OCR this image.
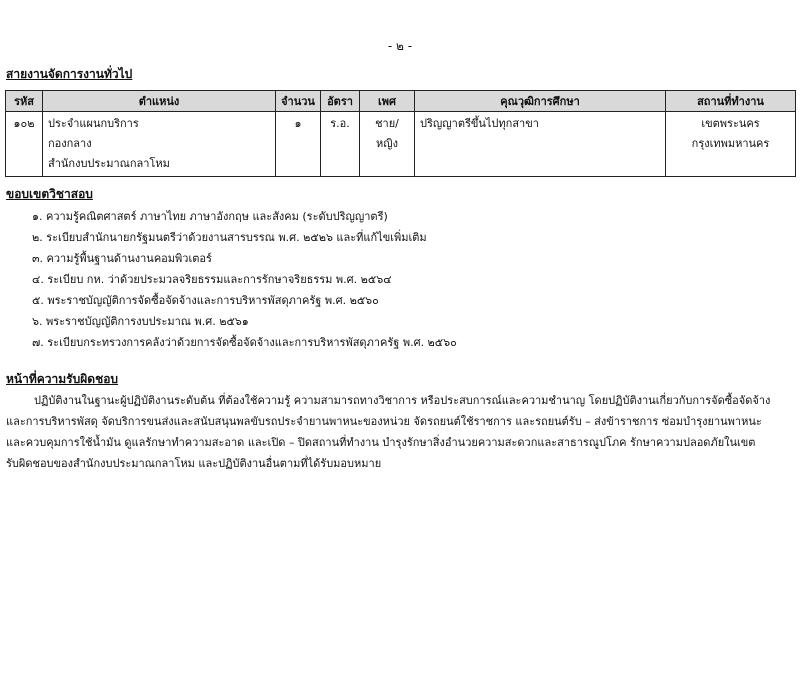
- ๒ -
สายงานจัดการงานทั่วไป
รหัส	ตำแหน่ง	จำนวน	อัตรา	เพศ	คุณวุฒิการศึกษา	สถานที่ทำงาน
๑๐๒	ประจำแผนกบริการ
กองกลาง
สำนักงบประมาณกลาโหม	๑	ร.อ.	ชาย/หญิง	ปริญญาตรีขึ้นไปทุกสาขา	เขตพระนคร
กรุงเทพมหานคร
ขอบเขตวิชาสอบ
๑. ความรู้คณิตศาสตร์ ภาษาไทย ภาษาอังกฤษ และสังคม (ระดับปริญญาตรี)
๒. ระเบียบสำนักนายกรัฐมนตรีว่าด้วยงานสารบรรณ พ.ศ. ๒๕๒๖ และที่แก้ไขเพิ่มเติม
๓. ความรู้พื้นฐานด้านงานคอมพิวเตอร์
๔. ระเบียบ กห. ว่าด้วยประมวลจริยธรรมและการรักษาจริยธรรม พ.ศ. ๒๕๖๔
๕. พระราชบัญญัติการจัดซื้อจัดจ้างและการบริหารพัสดุภาครัฐ พ.ศ. ๒๕๖๐
๖. พระราชบัญญัติการงบประมาณ พ.ศ. ๒๕๖๑
๗. ระเบียบกระทรวงการคลังว่าด้วยการจัดซื้อจัดจ้างและการบริหารพัสดุภาครัฐ พ.ศ. ๒๕๖๐
หน้าที่ความรับผิดชอบ
ปฏิบัติงานในฐานะผู้ปฏิบัติงานระดับต้น ที่ต้องใช้ความรู้ ความสามารถทางวิชาการ หรือประสบการณ์และความชำนาญ โดยปฏิบัติงานเกี่ยวกับการจัดซื้อจัดจ้าง
และการบริหารพัสดุ จัดบริการขนส่งและสนับสนุนพลขับรถประจำยานพาหนะของหน่วย จัดรถยนต์ใช้ราชการ และรถยนต์รับ – ส่งข้าราชการ ซ่อมบำรุงยานพาหนะ
และควบคุมการใช้น้ำมัน ดูแลรักษาทำความสะอาด และเปิด – ปิดสถานที่ทำงาน บำรุงรักษาสิ่งอำนวยความสะดวกและสาธารณูปโภค รักษาความปลอดภัยในเขต
รับผิดชอบของสำนักงบประมาณกลาโหม และปฏิบัติงานอื่นตามที่ได้รับมอบหมาย
